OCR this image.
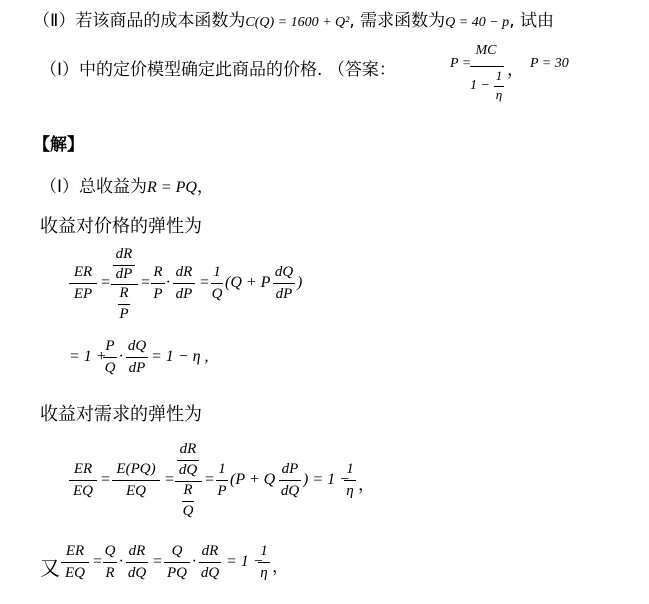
（Ⅱ）若该商品的成本函数为C(Q) = 1600 + Q², 需求函数为Q = 40 − p, 试由
（Ⅰ）中的定价模型确定此商品的价格. （答案：	P =
MC
1 −
1
η
， P = 30
【解】
（Ⅰ）总收益为R = PQ，
收益对价格的弹性为
ER
EP
=
dR
dP
R
P
=
R
P
·
dR
dP
=
1
Q
(Q + P
dQ
dP
)
= 1 +
P
Q
·
dQ
dP
= 1 − η ,
收益对需求的弹性为
ER
EQ
=
E(PQ)
EQ
=
dR
dQ
R
Q
=
1
P
(P + Q
dP
dQ
) = 1 −
1
η ，
又
ER
EQ
=
Q
R
·
dR
dQ
=
Q
PQ
·
dR
dQ
= 1 −
1
η ，
